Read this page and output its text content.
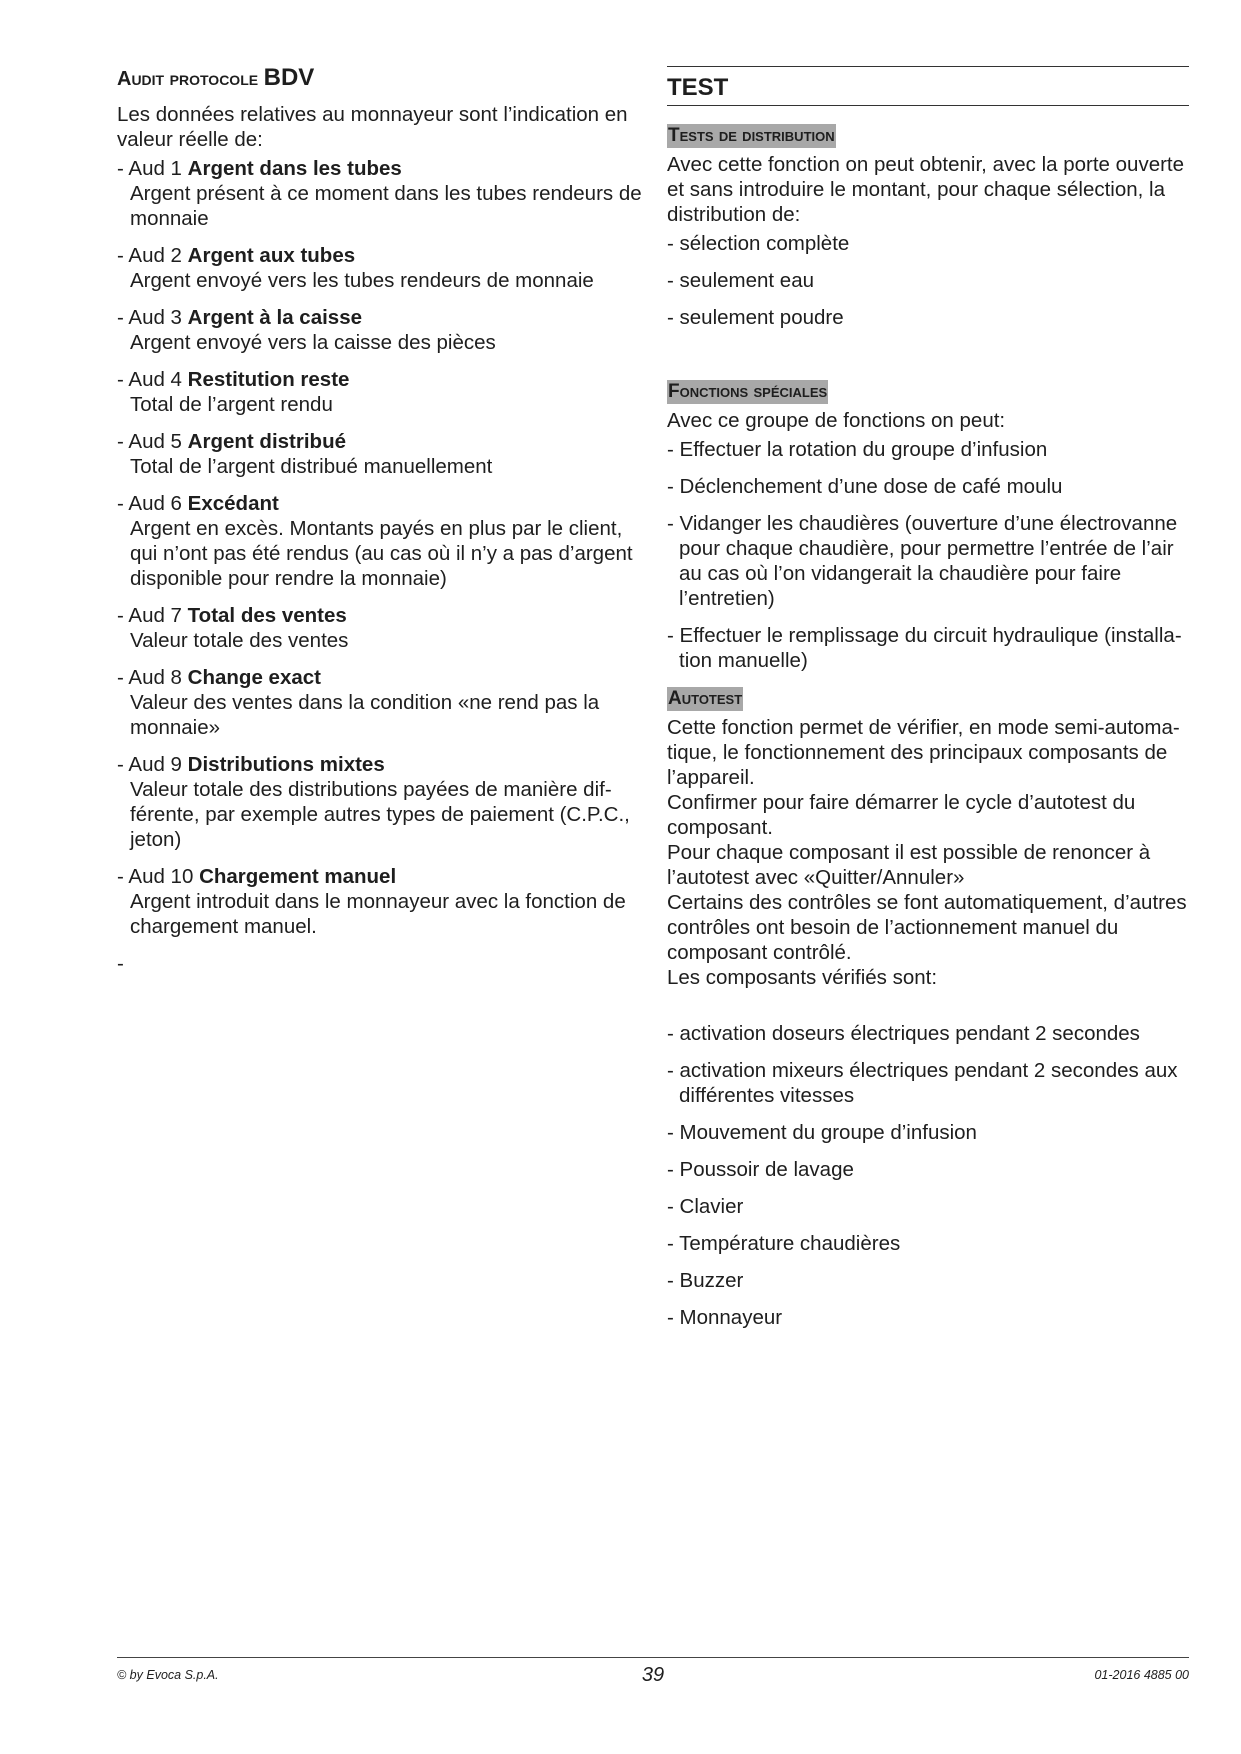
Audit protocole BDV

Les données relatives au monnayeur sont l’indication en valeur réelle de:

- Aud 1 Argent dans les tubes
Argent présent à ce moment dans les tubes rendeurs de monnaie
- Aud 2 Argent aux tubes
Argent envoyé vers les tubes rendeurs de monnaie
- Aud 3 Argent à la caisse
Argent envoyé vers la caisse des pièces
- Aud 4 Restitution reste
Total de l’argent rendu
- Aud 5 Argent distribué
Total de l’argent distribué manuellement
- Aud 6 Excédant
Argent en excès. Montants payés en plus par le client, qui n’ont pas été rendus (au cas où il n’y a pas d’argent disponible pour rendre la monnaie)
- Aud 7 Total des ventes
Valeur totale des ventes
- Aud 8 Change exact
Valeur des ventes dans la condition «ne rend pas la monnaie»
- Aud 9 Distributions mixtes
Valeur totale des distributions payées de manière différente, par exemple autres types de paiement (C.P.C., jeton)
- Aud 10 Chargement manuel
Argent introduit dans le monnayeur avec la fonction de chargement manuel.

-

TEST
Tests de distribution

Avec cette fonction on peut obtenir, avec la porte ouverte et sans introduire le montant, pour chaque sélection, la distribution de:

- sélection complète
- seulement eau
- seulement poudre
Fonctions spéciales

Avec ce groupe de fonctions on peut:

- Effectuer la rotation du groupe d’infusion
- Déclenchement d’une dose de café moulu
- Vidanger les chaudières (ouverture d’une électrovanne pour chaque chaudière, pour permettre l’entrée de l’air au cas où l’on vidangerait la chaudière pour faire l’entretien)
- Effectuer le remplissage du circuit hydraulique (installation manuelle)
Autotest

Cette fonction permet de vérifier, en mode semi-automatique, le fonctionnement des principaux composants de l’appareil.

Confirmer pour faire démarrer le cycle d’autotest du composant.

Pour chaque composant il est possible de renoncer à l’autotest avec «Quitter/Annuler»

Certains des contrôles se font automatiquement, d’autres contrôles ont besoin de l’actionnement manuel du composant contrôlé.

Les composants vérifiés sont:

- activation doseurs électriques pendant 2 secondes
- activation mixeurs électriques pendant 2 secondes aux différentes vitesses
- Mouvement du groupe d’infusion
- Poussoir de lavage
- Clavier
- Température chaudières
- Buzzer
- Monnayeur
© by Evoca S.p.A.	39	01-2016 4885 00
